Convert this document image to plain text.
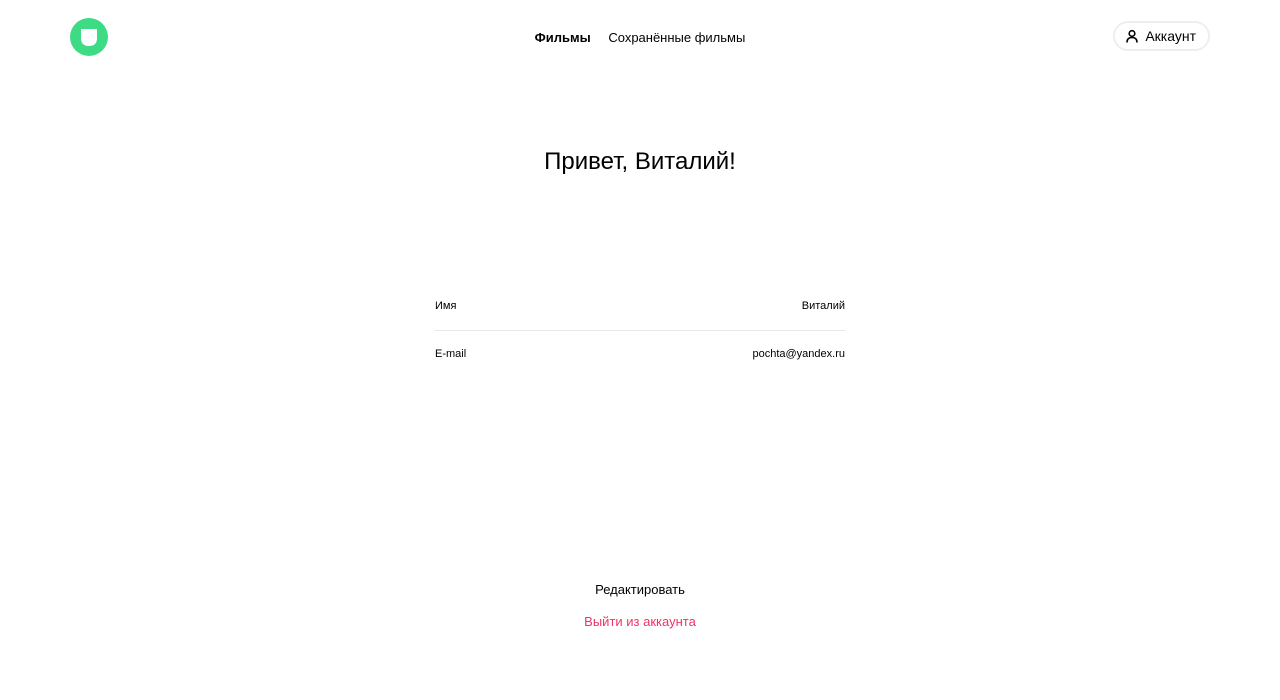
Фильмы Сохранённые фильмы	Аккаунт
Привет, Виталий!
Имя	Виталий
E-mail	pochta@yandex.ru
Редактировать
Выйти из аккаунта
